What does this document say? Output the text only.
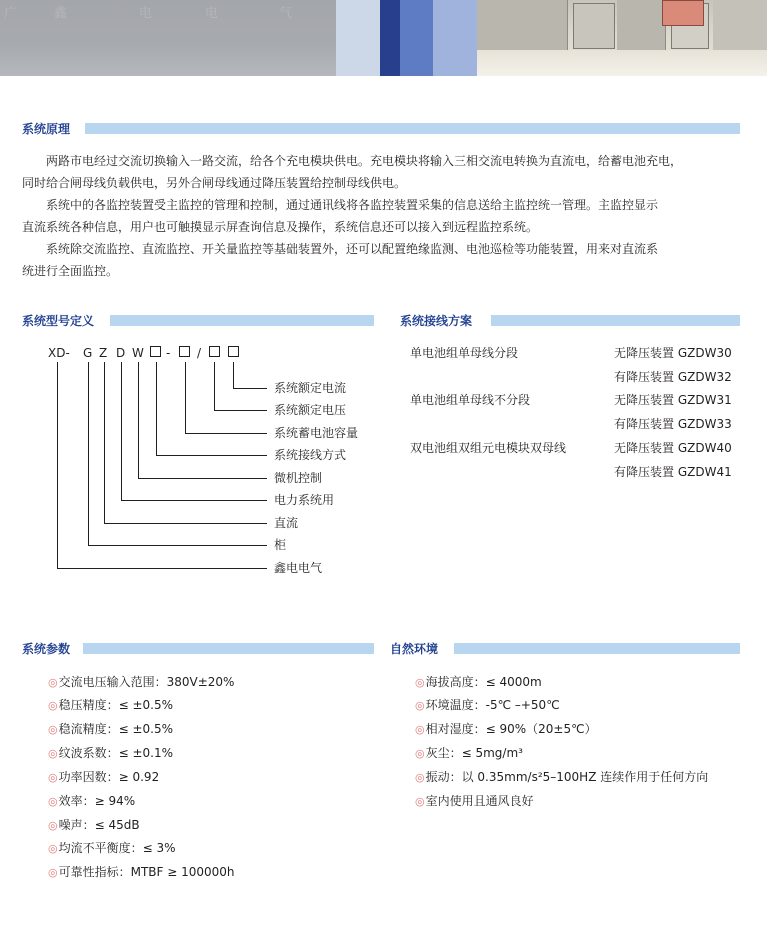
广	鑫	电	电	气
系统原理
　　两路市电经过交流切换输入一路交流，给各个充电模块供电。充电模块将输入三相交流电转换为直流电，给蓄电池充电，
同时给合闸母线负载供电，另外合闸母线通过降压装置给控制母线供电。
　　系统中的各监控装置受主监控的管理和控制，通过通讯线将各监控装置采集的信息送给主监控统一管理。主监控显示
直流系统各种信息，用户也可触摸显示屏查询信息及操作，系统信息还可以接入到远程监控系统。
　　系统除交流监控、直流监控、开关量监控等基础装置外，还可以配置绝缘监测、电池巡检等功能装置，用来对直流系
统进行全面监控。
系统型号定义
XD- G Z D W - /
系统额定电流
系统额定电压
系统蓄电池容量
系统接线方式
微机控制
电力系统用
直流
柜
鑫电电气
系统接线方案
单电池组单母线分段	无降压装置 GZDW30
有降压装置 GZDW32
单电池组单母线不分段	无降压装置 GZDW31
有降压装置 GZDW33
双电池组双组元电模块双母线	无降压装置 GZDW40
有降压装置 GZDW41
系统参数
◎交流电压输入范围：380V±20%
◎稳压精度：≤ ±0.5%
◎稳流精度：≤ ±0.5%
◎纹波系数：≤ ±0.1%
◎功率因数：≥ 0.92
◎效率：≥ 94%
◎噪声：≤ 45dB
◎均流不平衡度：≤ 3%
◎可靠性指标：MTBF ≥ 100000h
自然环境
◎海拔高度：≤ 4000m
◎环境温度：-5℃ –+50℃
◎相对湿度：≤ 90%（20±5℃）
◎灰尘：≤ 5mg/m³
◎振动：以 0.35mm/s²5–100HZ 连续作用于任何方向
◎室内使用且通风良好
